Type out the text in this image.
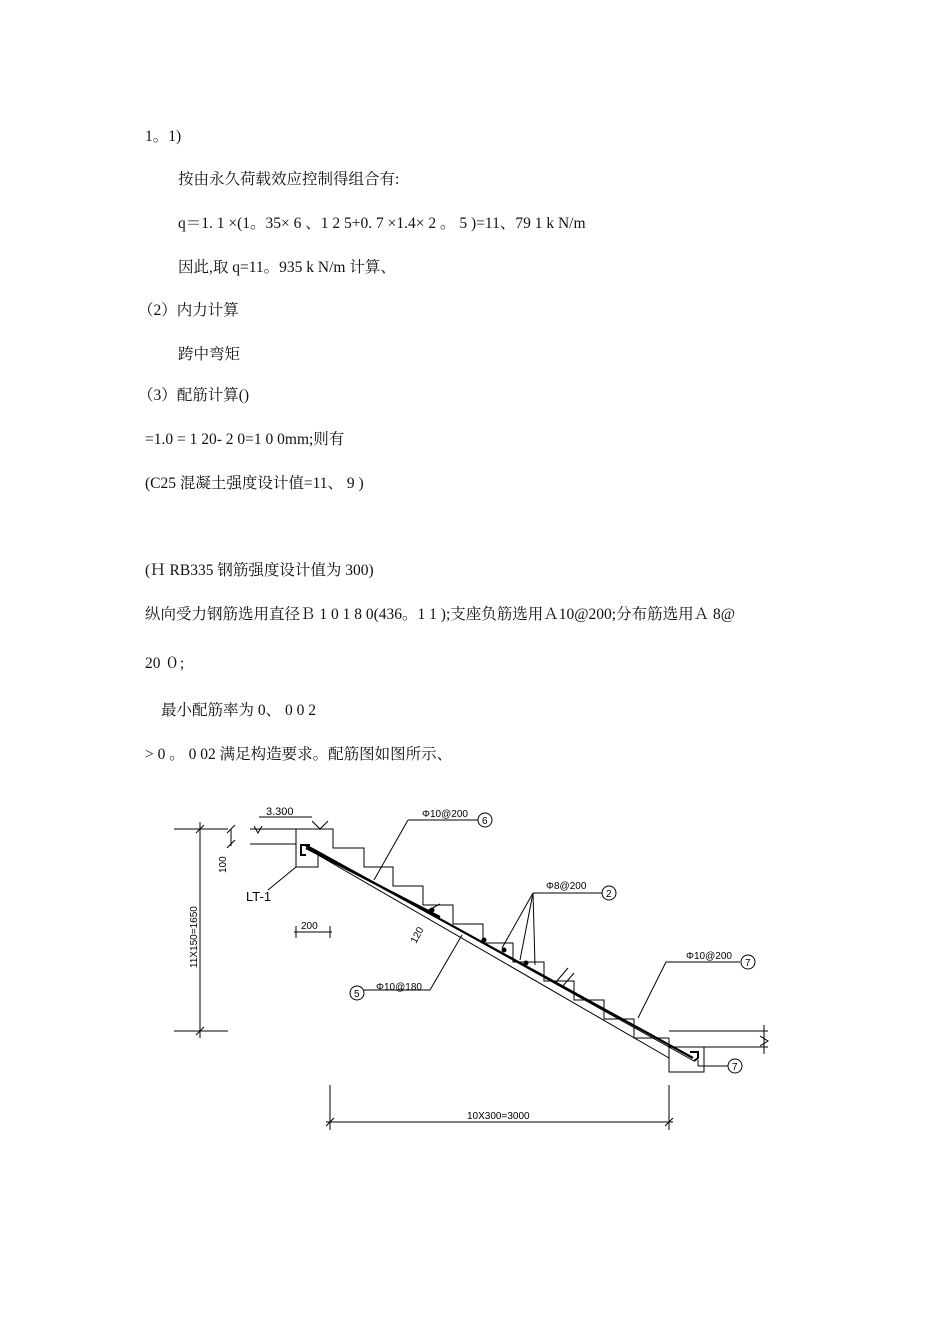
1。1)
按由永久荷载效应控制得组合有:
q＝1. 1 ×(1。35× 6 、1 2 5+0. 7 ×1.4× 2 。 5 )=11、79 1 k N/m
因此,取 q=11。935 k N/m 计算、
（2）内力计算
跨中弯矩
（3）配筋计算()
=1.0 = 1 20- 2 0=1 0 0mm;则有
(C25 混凝土强度设计值=11、 9 )
(Ｈ RB335 钢筋强度设计值为 300)
纵向受力钢筋选用直径Ｂ 1 0 1 8 0(436。1 1 );支座负筋选用Ａ10@200;分布筋选用Ａ 8@
20 ０;
最小配筋率为 0、 0 0 2
> 0 。 0 02 满足构造要求。配筋图如图所示、
3.300
100
LT-1
200	120
11X150=1650
10X300=3000
Φ10@200
6
Φ8@200
2
Φ10@200
7
Φ10@180
5
7
